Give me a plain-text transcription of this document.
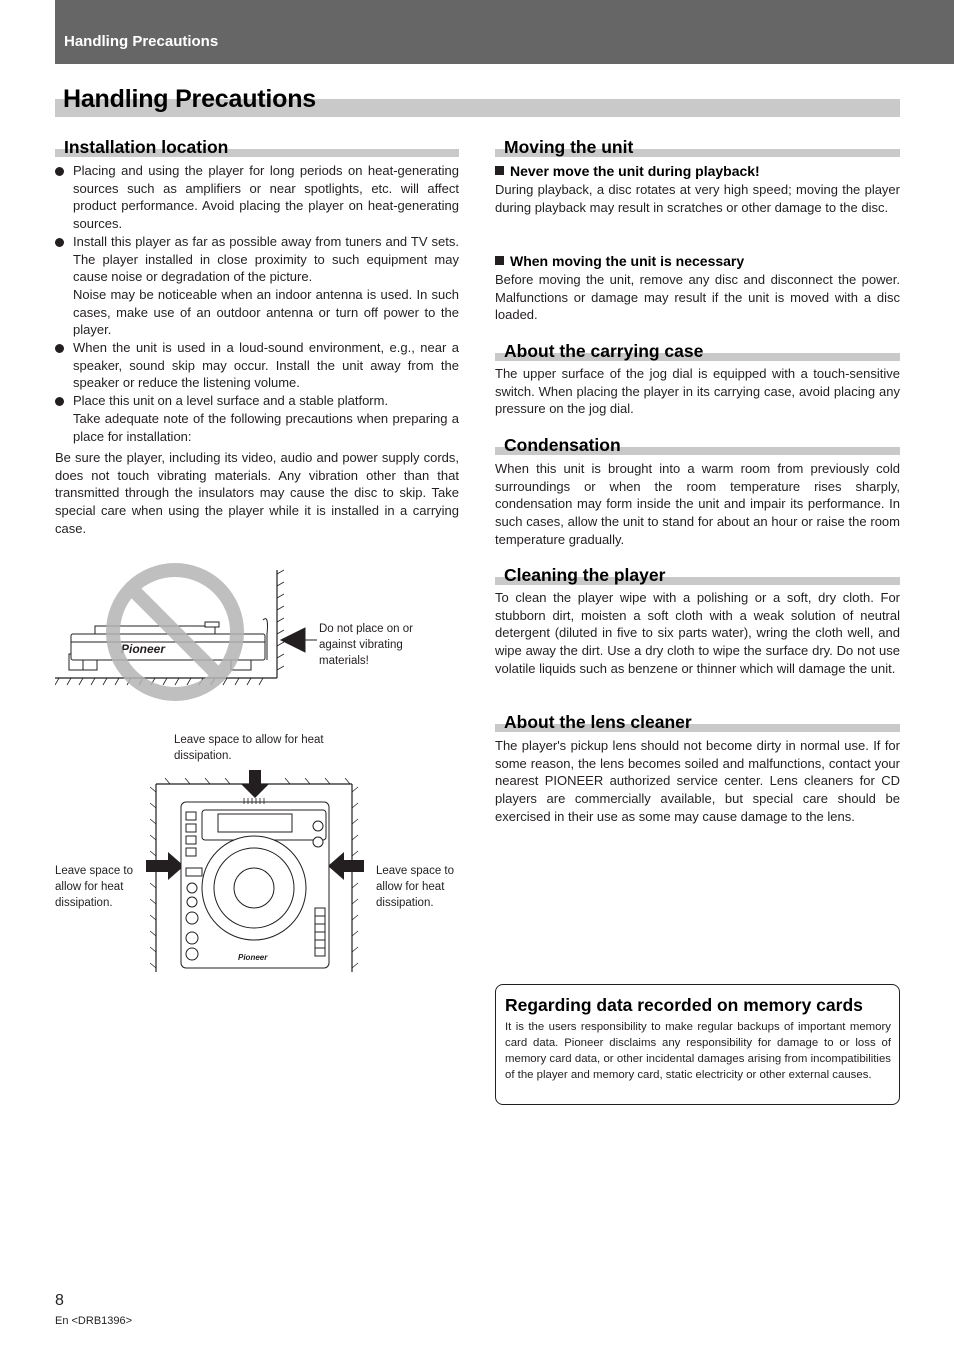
Handling Precautions
Handling Precautions
Installation location
Placing and using the player for long periods on heat-generating sources such as amplifiers or near spotlights, etc. will affect product performance. Avoid placing the player on heat-generating sources.
Install this player as far as possible away from tuners and TV sets. The player installed in close proximity to such equipment may cause noise or degradation of the picture.
Noise may be noticeable when an indoor antenna is used. In such cases, make use of an outdoor antenna or turn off power to the player.
When the unit is used in a loud-sound environment, e.g., near a speaker, sound skip may occur. Install the unit away from the speaker or reduce the listening volume.
Place this unit on a level surface and a stable platform.
Take adequate note of the following precautions when preparing a place for installation:
Be sure the player, including its video, audio and power supply cords, does not touch vibrating materials. Any vibration other than that transmitted through the insulators may cause the disc to skip. Take special care when using the player while it is installed in a carrying case.
Pioneer
Do not place on or against vibrating materials!
Leave space to allow for heat dissipation.
Leave space to allow for heat dissipation.
Leave space to allow for heat dissipation.
Pioneer
Moving the unit
Never move the unit during playback!
During playback, a disc rotates at very high speed; moving the player during playback may result in scratches or other damage to the disc.
When moving the unit is necessary
Before moving the unit, remove any disc and disconnect the power. Malfunctions or damage may result if the unit is moved with a disc loaded.
About the carrying case
The upper surface of the jog dial is equipped with a touch-sensitive switch. When placing the player in its carrying case, avoid placing any pressure on the jog dial.
Condensation
When this unit is brought into a warm room from previously cold surroundings or when the room temperature rises sharply, condensation may form inside the unit and impair its performance. In such cases, allow the unit to stand for about an hour or raise the room temperature gradually.
Cleaning the player
To clean the player wipe with a polishing or a soft, dry cloth. For stubborn dirt, moisten a soft cloth with a weak solution of neutral detergent (diluted in five to six parts water), wring the cloth well, and wipe away the dirt. Use a dry cloth to wipe the surface dry. Do not use volatile liquids such as benzene or thinner which will damage the unit.
About the lens cleaner
The player's pickup lens should not become dirty in normal use. If for some reason, the lens becomes soiled and malfunctions, contact your nearest PIONEER authorized service center. Lens cleaners for CD players are commercially available, but special care should be exercised in their use as some may cause damage to the lens.
Regarding data recorded on memory cards
It is the users responsibility to make regular backups of important memory card data. Pioneer disclaims any responsibility for damage to or loss of memory card data, or other incidental damages arising from incompatibilities of the player and memory card, static electricity or other external causes.
8
En <DRB1396>
